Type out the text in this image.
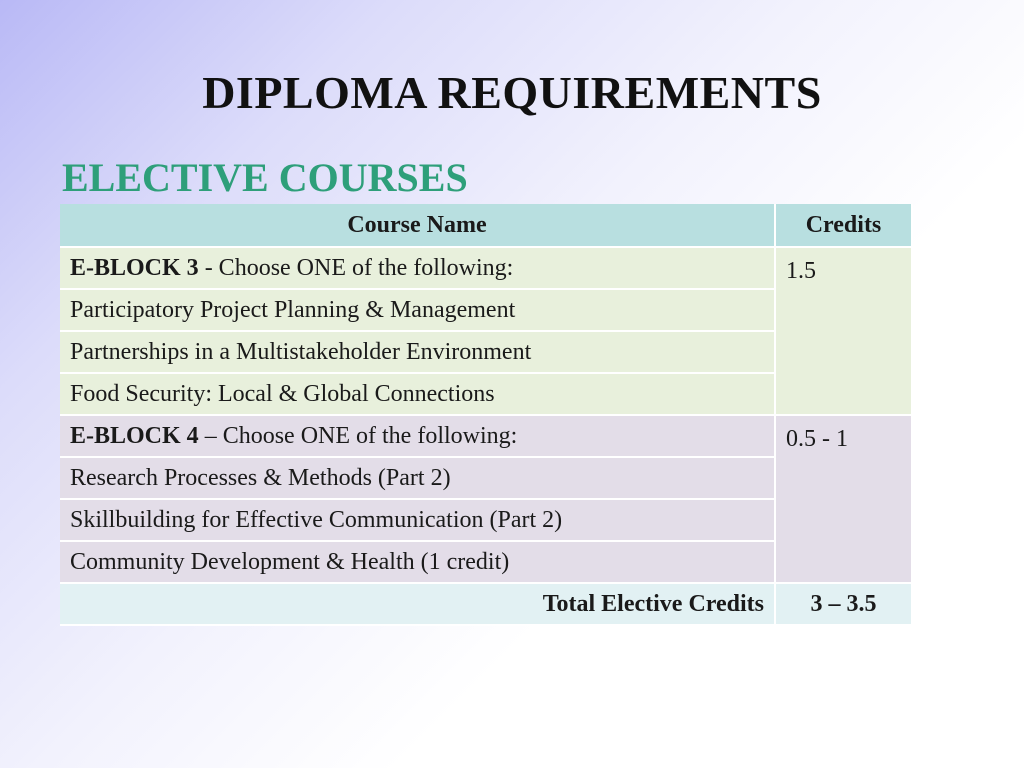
DIPLOMA REQUIREMENTS
ELECTIVE COURSES
Course Name	Credits
E-BLOCK 3 - Choose ONE of the following:	1.5
Participatory Project Planning & Management	
Partnerships in a Multistakeholder Environment	
Food Security: Local & Global Connections	
E-BLOCK 4 – Choose ONE of the following:	0.5 - 1
Research Processes & Methods (Part 2)	
Skillbuilding for Effective Communication (Part 2)	
Community Development & Health (1 credit)	
Total Elective Credits	3 – 3.5
